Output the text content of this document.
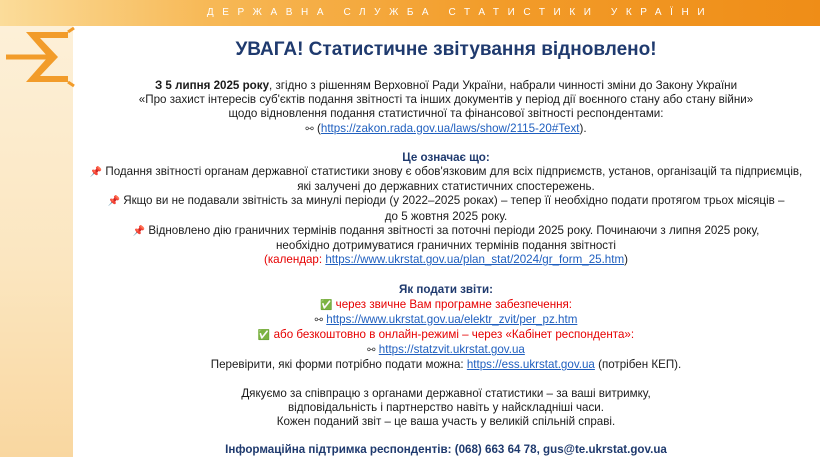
ДЕРЖАВНА СЛУЖБА СТАТИСТИКИ УКРАЇНИ
УВАГА! Статистичне звітування відновлено!

З 5 липня 2025 року, згідно з рішенням Верховної Ради України, набрали чинності зміни до Закону України

«Про захист інтересів суб'єктів подання звітності та інших документів у період дії воєнного стану або стану війни»

щодо відновлення подання статистичної та фінансової звітності респондентами:

⚯ (https://zakon.rada.gov.ua/laws/show/2115-20#Text).

Це означає що:

📌 Подання звітності органам державної статистики знову є обов'язковим для всіх підприємств, установ, організацій та підприємців,

які залучені до державних статистичних спостережень.

📌 Якщо ви не подавали звітність за минулі періоди (у 2022–2025 роках) – тепер її необхідно подати протягом трьох місяців –

до 5 жовтня 2025 року.

📌 Відновлено дію граничних термінів подання звітності за поточні періоди 2025 року. Починаючи з липня 2025 року,

необхідно дотримуватися граничних термінів подання звітності

(календар: https://www.ukrstat.gov.ua/plan_stat/2024/gr_form_25.htm)

Як подати звіти:

✅ через звичне Вам програмне забезпечення:

⚯ https://www.ukrstat.gov.ua/elektr_zvit/per_pz.htm

✅ або безкоштовно в онлайн-режимі – через «Кабінет респондента»:

⚯ https://statzvit.ukrstat.gov.ua

Перевірити, які форми потрібно подати можна: https://ess.ukrstat.gov.ua (потрібен КЕП).

Дякуємо за співпрацю з органами державної статистики – за ваші витримку,

відповідальність і партнерство навіть у найскладніші часи.

Кожен поданий звіт – це ваша участь у великій спільній справі.

Інформаційна підтримка респондентів: (068) 663 64 78, gus@te.ukrstat.gov.ua
